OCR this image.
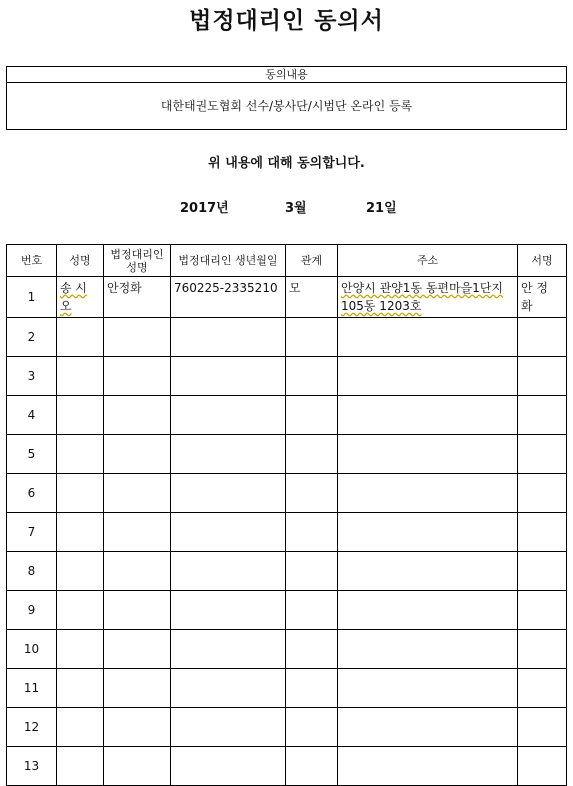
법정대리인 동의서
동의내용
대한태권도협회 선수/봉사단/시범단 온라인 등록
위 내용에 대해 동의합니다.
2017년	3월	21일
번호	성명	법정대리인 성명	법정대리인 생년월일	관계	주소	서명
1	송 시 오	안정화	760225-2335210	모	안양시 관양1동 동편마을1단지 105동 1203호	안 정 화

2	

3	

4	

5	

6	

7	

8	

9	

10	

11	

12	

13	
